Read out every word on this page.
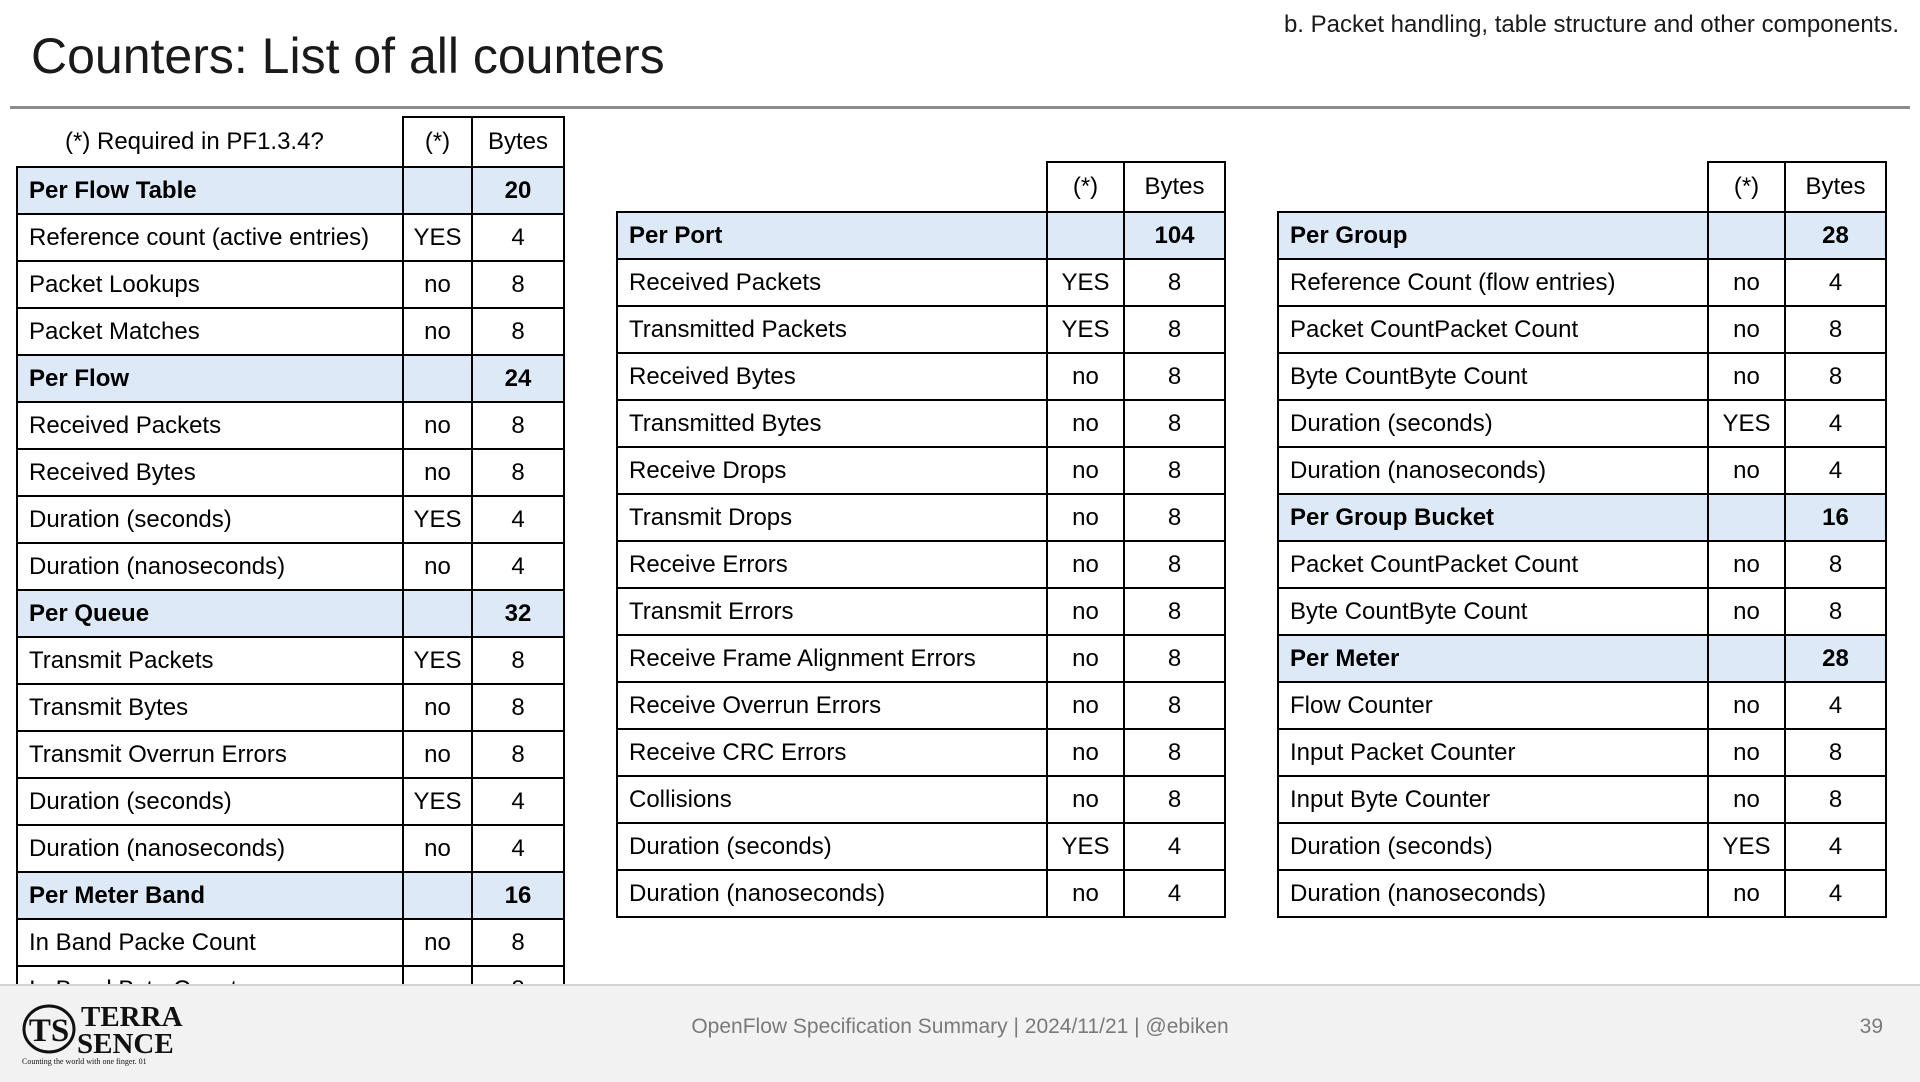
Counters: List of all counters
b. Packet handling, table structure and other components.
(*) Required in PF1.3.4?	(*)	Bytes
Per Flow Table		20
Reference count (active entries)	YES	4
Packet Lookups	no	8
Packet Matches	no	8
Per Flow		24
Received Packets	no	8
Received Bytes	no	8
Duration (seconds)	YES	4
Duration (nanoseconds)	no	4
Per Queue		32
Transmit Packets	YES	8
Transmit Bytes	no	8
Transmit Overrun Errors	no	8
Duration (seconds)	YES	4
Duration (nanoseconds)	no	4
Per Meter Band		16
In Band Packe Count	no	8

	(*)	Bytes
Per Port		104
Received Packets	YES	8
Transmitted Packets	YES	8
Received Bytes	no	8
Transmitted Bytes	no	8
Receive Drops	no	8
Transmit Drops	no	8
Receive Errors	no	8
Transmit Errors	no	8
Receive Frame Alignment Errors	no	8
Receive Overrun Errors	no	8
Receive CRC Errors	no	8
Collisions	no	8
Duration (seconds)	YES	4
Duration (nanoseconds)	no	4
	(*)	Bytes
Per Group		28
Reference Count (flow entries)	no	4
Packet CountPacket Count	no	8
Byte CountByte Count	no	8
Duration (seconds)	YES	4
Duration (nanoseconds)	no	4
Per Group Bucket		16
Packet CountPacket Count	no	8
Byte CountByte Count	no	8
Per Meter		28
Flow Counter	no	4
Input Packet Counter	no	8
Input Byte Counter	no	8
Duration (seconds)	YES	4
Duration (nanoseconds)	no	4
TS TERRA
SENCE
Counting the world with one finger. 01
OpenFlow Specification Summary | 2024/11/21 | @ebiken	39
